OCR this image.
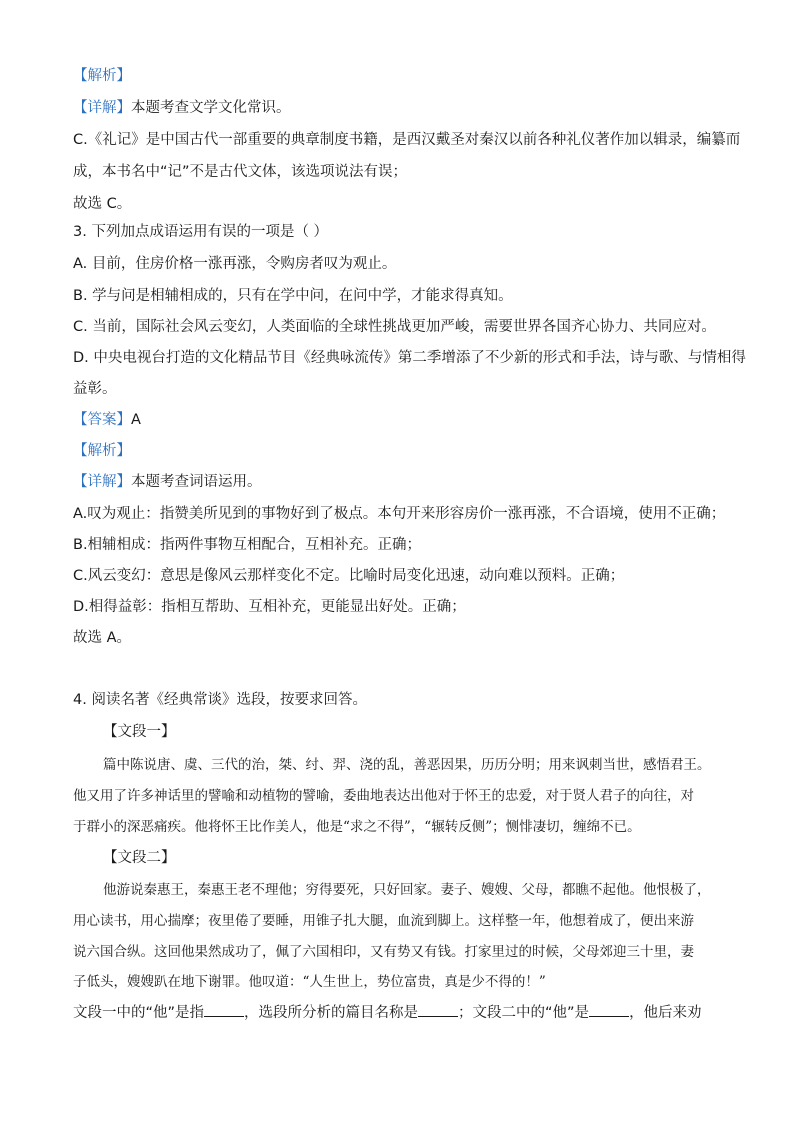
【解析】
【详解】本题考查文学文化常识。
C.《礼记》是中国古代一部重要的典章制度书籍，是西汉戴圣对秦汉以前各种礼仪著作加以辑录，编纂而
成，本书名中“记”不是古代文体，该选项说法有误；
故选 C。
3. 下列加点成语运用有误的一项是（ ）
A. 目前，住房价格一涨再涨，令购房者叹为观止。
B. 学与问是相辅相成的，只有在学中问，在问中学，才能求得真知。
C. 当前，国际社会风云变幻，人类面临的全球性挑战更加严峻，需要世界各国齐心协力、共同应对。
D. 中央电视台打造的文化精品节目《经典咏流传》第二季增添了不少新的形式和手法，诗与歌、与情相得
益彰。
【答案】A
【解析】
【详解】本题考查词语运用。
A.叹为观止：指赞美所见到的事物好到了极点。本句开来形容房价一涨再涨，不合语境，使用不正确；
B.相辅相成：指两件事物互相配合，互相补充。正确；
C.风云变幻：意思是像风云那样变化不定。比喻时局变化迅速，动向难以预料。正确；
D.相得益彰：指相互帮助、互相补充，更能显出好处。正确；
故选 A。
4. 阅读名著《经典常谈》选段，按要求回答。
【文段一】
篇中陈说唐、虞、三代的治，桀、纣、羿、浇的乱，善恶因果，历历分明；用来讽刺当世，感悟君王。
他又用了许多神话里的譬喻和动植物的譬喻，委曲地表达出他对于怀王的忠爱，对于贤人君子的向往，对
于群小的深恶痛疾。他将怀王比作美人，他是“求之不得”，“辗转反侧”；恻悱凄切，缠绵不已。
【文段二】
他游说秦惠王，秦惠王老不理他；穷得要死，只好回家。妻子、嫂嫂、父母，都瞧不起他。他恨极了，
用心读书，用心揣摩；夜里倦了要睡，用锥子扎大腿，血流到脚上。这样整一年，他想着成了，便出来游
说六国合纵。这回他果然成功了，佩了六国相印，又有势又有钱。打家里过的时候，父母郊迎三十里，妻
子低头，嫂嫂趴在地下谢罪。他叹道：“人生世上，势位富贵，真是少不得的！”
文段一中的“他”是指	，选段所分析的篇目名称是	；文段二中的“他”是	，他后来劝
